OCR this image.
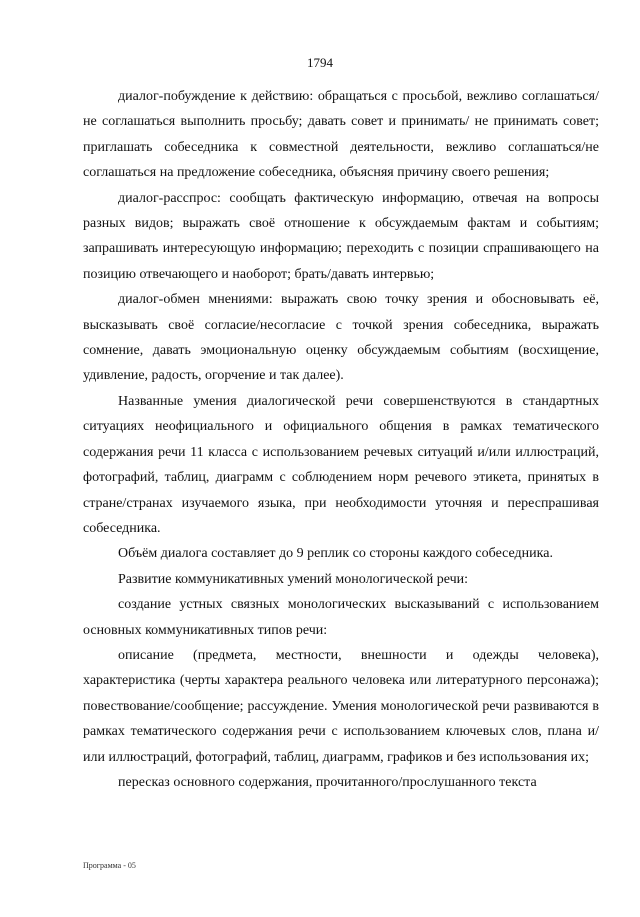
1794

диалог-побуждение к действию: обращаться с просьбой, вежливо соглашаться/не соглашаться выполнить просьбу; давать совет и принимать/ не принимать совет; приглашать собеседника к совместной деятельности, вежливо соглашаться/не соглашаться на предложение собеседника, объясняя причину своего решения;

диалог-расспрос: сообщать фактическую информацию, отвечая на вопросы разных видов; выражать своё отношение к обсуждаемым фактам и событиям; запрашивать интересующую информацию; переходить с позиции спрашивающего на позицию отвечающего и наоборот; брать/давать интервью;

диалог-обмен мнениями: выражать свою точку зрения и обосновывать её, высказывать своё согласие/несогласие с точкой зрения собеседника, выражать сомнение, давать эмоциональную оценку обсуждаемым событиям (восхищение, удивление, радость, огорчение и так далее).

Названные умения диалогической речи совершенствуются в стандартных ситуациях неофициального и официального общения в рамках тематического содержания речи 11 класса с использованием речевых ситуаций и/или иллюстраций, фотографий, таблиц, диаграмм с соблюдением норм речевого этикета, принятых в стране/странах изучаемого языка, при необходимости уточняя и переспрашивая собеседника.

Объём диалога составляет до 9 реплик со стороны каждого собеседника.

Развитие коммуникативных умений монологической речи:

создание устных связных монологических высказываний с использованием основных коммуникативных типов речи:

описание (предмета, местности, внешности и одежды человека), характеристика (черты характера реального человека или литературного персонажа); повествование/сообщение; рассуждение. Умения монологической речи развиваются в рамках тематического содержания речи с использованием ключевых слов, плана и/или иллюстраций, фотографий, таблиц, диаграмм, графиков и без использования их;

пересказ основного содержания, прочитанного/прослушанного текста

Программа - 05
